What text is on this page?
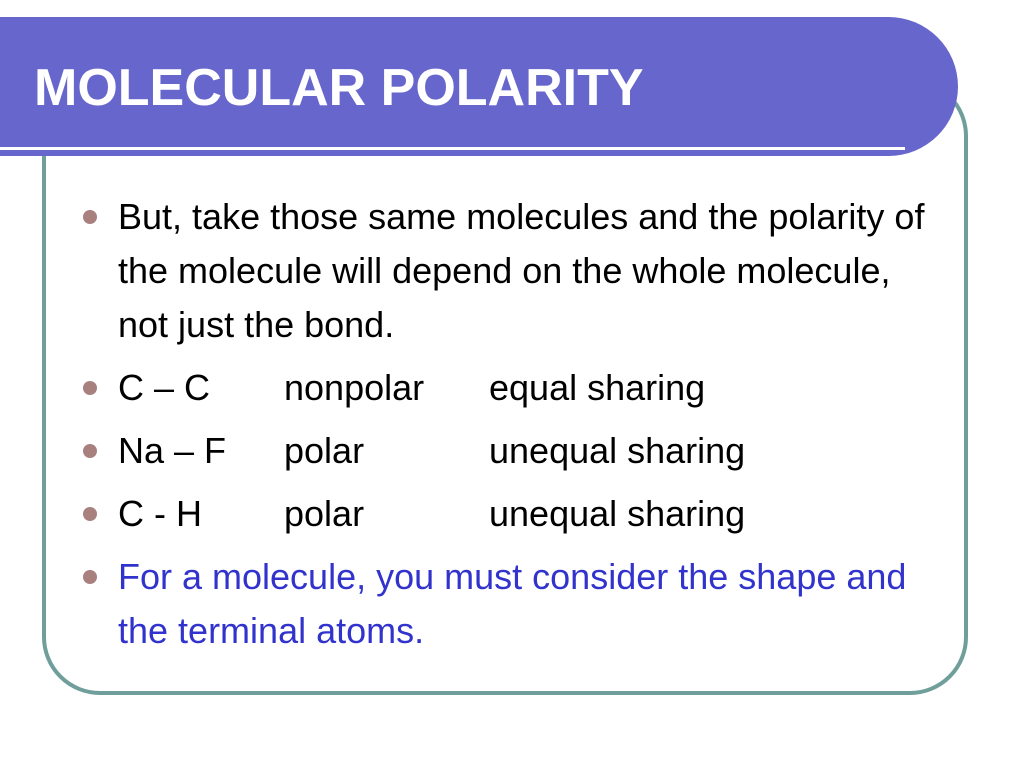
MOLECULAR POLARITY
But, take those same molecules and the polarity of the molecule will depend on the whole molecule, not just the bond.
C – C	nonpolar	equal sharing
Na – F	polar	unequal sharing
C - H	polar	unequal sharing
For a molecule, you must consider the shape and the terminal atoms.
